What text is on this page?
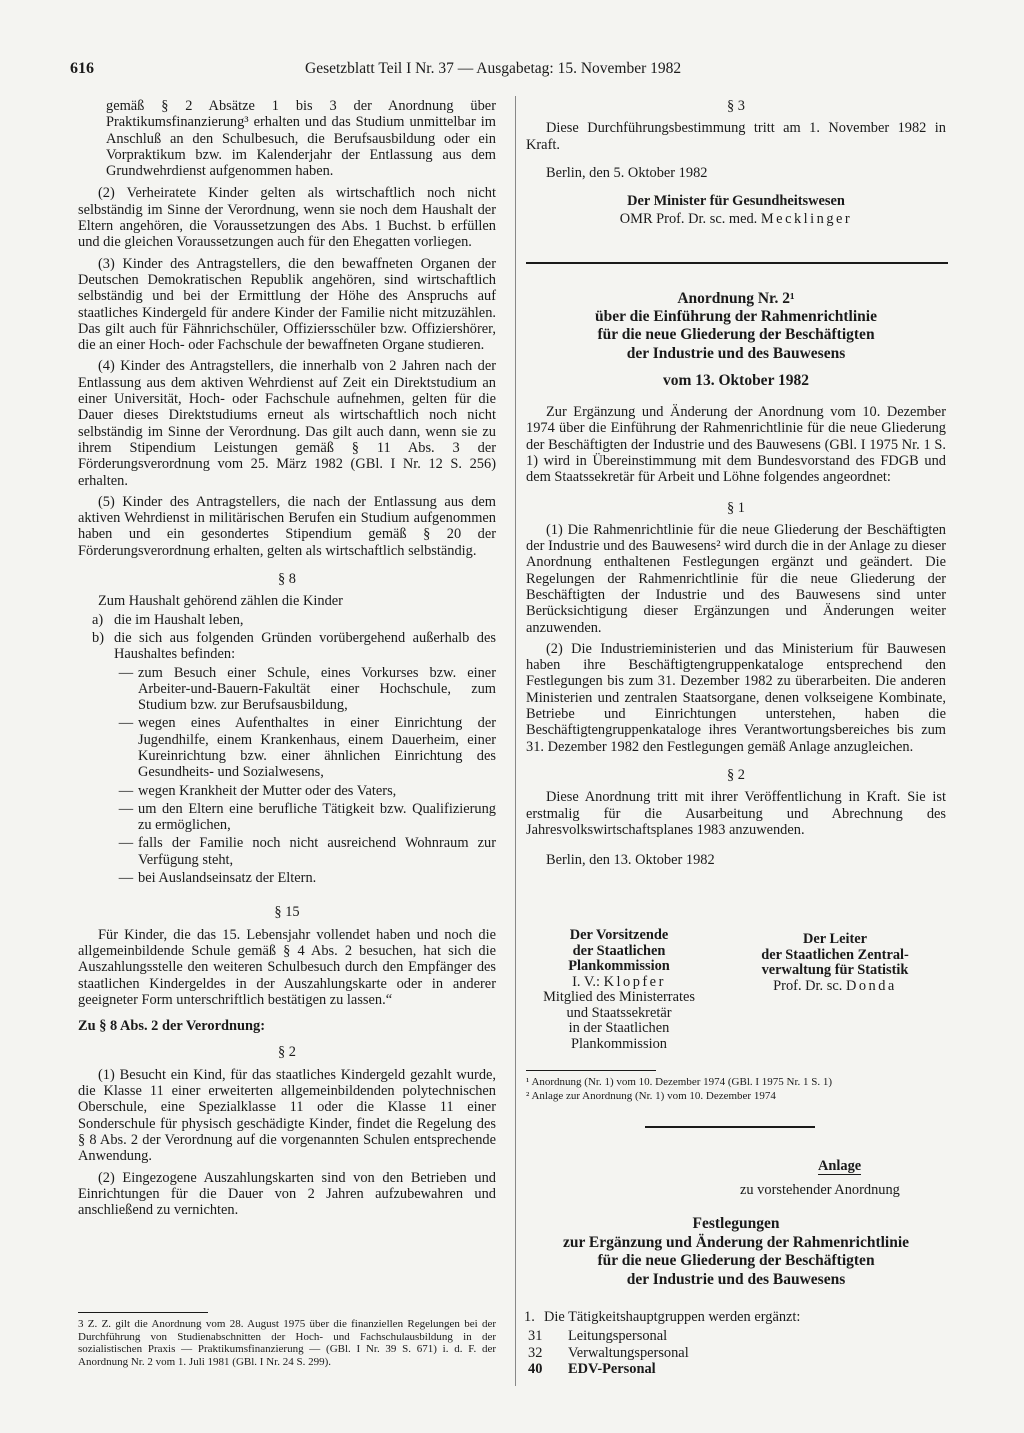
616	Gesetzblatt Teil I Nr. 37 — Ausgabetag: 15. November 1982

gemäß § 2 Absätze 1 bis 3 der Anordnung über Praktikumsfinanzierung³ erhalten und das Studium unmittelbar im Anschluß an den Schulbesuch, die Berufsausbildung oder ein Vorpraktikum bzw. im Kalenderjahr der Entlassung aus dem Grundwehrdienst aufgenommen haben.

(2) Verheiratete Kinder gelten als wirtschaftlich noch nicht selbständig im Sinne der Verordnung, wenn sie noch dem Haushalt der Eltern angehören, die Voraussetzungen des Abs. 1 Buchst. b erfüllen und die gleichen Voraussetzungen auch für den Ehegatten vorliegen.

(3) Kinder des Antragstellers, die den bewaffneten Organen der Deutschen Demokratischen Republik angehören, sind wirtschaftlich selbständig und bei der Ermittlung der Höhe des Anspruchs auf staatliches Kindergeld für andere Kinder der Familie nicht mitzuzählen. Das gilt auch für Fähnrichschüler, Offiziersschüler bzw. Offiziershörer, die an einer Hoch- oder Fachschule der bewaffneten Organe studieren.

(4) Kinder des Antragstellers, die innerhalb von 2 Jahren nach der Entlassung aus dem aktiven Wehrdienst auf Zeit ein Direktstudium an einer Universität, Hoch- oder Fachschule aufnehmen, gelten für die Dauer dieses Direktstudiums erneut als wirtschaftlich noch nicht selbständig im Sinne der Verordnung. Das gilt auch dann, wenn sie zu ihrem Stipendium Leistungen gemäß § 11 Abs. 3 der Förderungsverordnung vom 25. März 1982 (GBl. I Nr. 12 S. 256) erhalten.

(5) Kinder des Antragstellers, die nach der Entlassung aus dem aktiven Wehrdienst in militärischen Berufen ein Studium aufgenommen haben und ein gesondertes Stipendium gemäß § 20 der Förderungsverordnung erhalten, gelten als wirtschaftlich selbständig.

§ 8

Zum Haushalt gehörend zählen die Kinder

a) die im Haushalt leben,
b) die sich aus folgenden Gründen vorübergehend außerhalb des Haushaltes befinden:
— zum Besuch einer Schule, eines Vorkurses bzw. einer Arbeiter-und-Bauern-Fakultät einer Hochschule, zum Studium bzw. zur Berufsausbildung,
— wegen eines Aufenthaltes in einer Einrichtung der Jugendhilfe, einem Krankenhaus, einem Dauerheim, einer Kureinrichtung bzw. einer ähnlichen Einrichtung des Gesundheits- und Sozialwesens,
— wegen Krankheit der Mutter oder des Vaters,
— um den Eltern eine berufliche Tätigkeit bzw. Qualifizierung zu ermöglichen,
— falls der Familie noch nicht ausreichend Wohnraum zur Verfügung steht,
— bei Auslandseinsatz der Eltern.

§ 15

Für Kinder, die das 15. Lebensjahr vollendet haben und noch die allgemeinbildende Schule gemäß § 4 Abs. 2 besuchen, hat sich die Auszahlungsstelle den weiteren Schulbesuch durch den Empfänger des staatlichen Kindergeldes in der Auszahlungskarte oder in anderer geeigneter Form unterschriftlich bestätigen zu lassen.“

Zu § 8 Abs. 2 der Verordnung:

§ 2

(1) Besucht ein Kind, für das staatliches Kindergeld gezahlt wurde, die Klasse 11 einer erweiterten allgemeinbildenden polytechnischen Oberschule, eine Spezialklasse 11 oder die Klasse 11 einer Sonderschule für physisch geschädigte Kinder, findet die Regelung des § 8 Abs. 2 der Verordnung auf die vorgenannten Schulen entsprechende Anwendung.

(2) Eingezogene Auszahlungskarten sind von den Betrieben und Einrichtungen für die Dauer von 2 Jahren aufzubewahren und anschließend zu vernichten.

3 Z. Z. gilt die Anordnung vom 28. August 1975 über die finanziellen Regelungen bei der Durchführung von Studienabschnitten der Hoch- und Fachschulausbildung in der sozialistischen Praxis — Praktikumsfinanzierung — (GBl. I Nr. 39 S. 671) i. d. F. der Anordnung Nr. 2 vom 1. Juli 1981 (GBl. I Nr. 24 S. 299).

§ 3

Diese Durchführungsbestimmung tritt am 1. November 1982 in Kraft.

Berlin, den 5. Oktober 1982

Der Minister für Gesundheitswesen

OMR Prof. Dr. sc. med. Mecklinger

Anordnung Nr. 2¹
über die Einführung der Rahmenrichtlinie
für die neue Gliederung der Beschäftigten
der Industrie und des Bauwesens
vom 13. Oktober 1982

Zur Ergänzung und Änderung der Anordnung vom 10. Dezember 1974 über die Einführung der Rahmenrichtlinie für die neue Gliederung der Beschäftigten der Industrie und des Bauwesens (GBl. I 1975 Nr. 1 S. 1) wird in Übereinstimmung mit dem Bundesvorstand des FDGB und dem Staatssekretär für Arbeit und Löhne folgendes angeordnet:

§ 1

(1) Die Rahmenrichtlinie für die neue Gliederung der Beschäftigten der Industrie und des Bauwesens² wird durch die in der Anlage zu dieser Anordnung enthaltenen Festlegungen ergänzt und geändert. Die Regelungen der Rahmenrichtlinie für die neue Gliederung der Beschäftigten der Industrie und des Bauwesens sind unter Berücksichtigung dieser Ergänzungen und Änderungen weiter anzuwenden.

(2) Die Industrieministerien und das Ministerium für Bauwesen haben ihre Beschäftigtengruppenkataloge entsprechend den Festlegungen bis zum 31. Dezember 1982 zu überarbeiten. Die anderen Ministerien und zentralen Staatsorgane, denen volkseigene Kombinate, Betriebe und Einrichtungen unterstehen, haben die Beschäftigtengruppenkataloge ihres Verantwortungsbereiches bis zum 31. Dezember 1982 den Festlegungen gemäß Anlage anzugleichen.

§ 2

Diese Anordnung tritt mit ihrer Veröffentlichung in Kraft. Sie ist erstmalig für die Ausarbeitung und Abrechnung des Jahresvolkswirtschaftsplanes 1983 anzuwenden.

Berlin, den 13. Oktober 1982

Der Vorsitzende
der Staatlichen
Plankommission
I. V.: Klopfer
Mitglied des Ministerrates
und Staatssekretär
in der Staatlichen
Plankommission
Der Leiter
der Staatlichen Zentral-
verwaltung für Statistik
Prof. Dr. sc. Donda

¹ Anordnung (Nr. 1) vom 10. Dezember 1974 (GBl. I 1975 Nr. 1 S. 1)

² Anlage zur Anordnung (Nr. 1) vom 10. Dezember 1974

Anlage
zu vorstehender Anordnung
Festlegungen
zur Ergänzung und Änderung der Rahmenrichtlinie
für die neue Gliederung der Beschäftigten
der Industrie und des Bauwesens
1. Die Tätigkeitshauptgruppen werden ergänzt:
31	Leitungspersonal
32	Verwaltungspersonal
40	EDV-Personal
